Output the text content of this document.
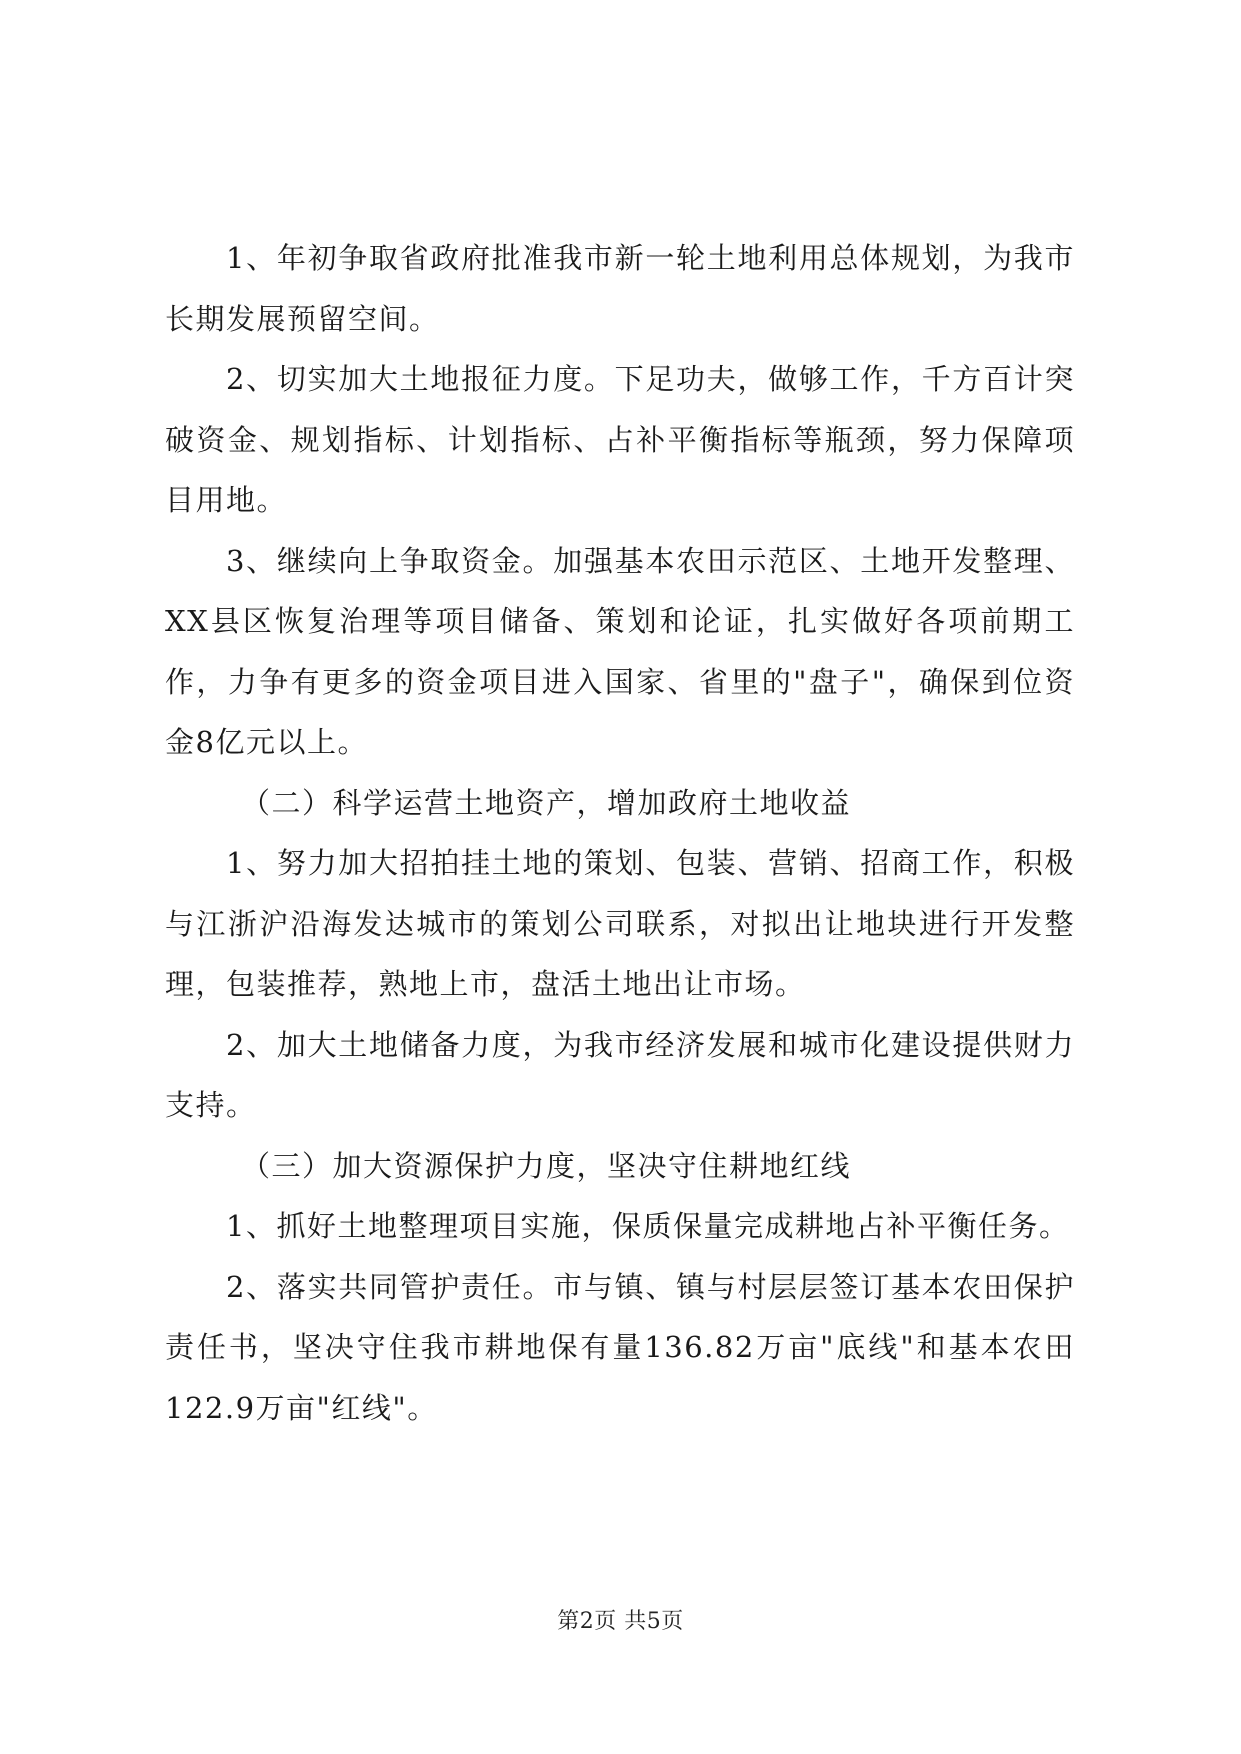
1、年初争取省政府批准我市新一轮土地利用总体规划，为我市长期发展预留空间。

2、切实加大土地报征力度。下足功夫，做够工作，千方百计突破资金、规划指标、计划指标、占补平衡指标等瓶颈，努力保障项目用地。

3、继续向上争取资金。加强基本农田示范区、土地开发整理、XX县区恢复治理等项目储备、策划和论证，扎实做好各项前期工作，力争有更多的资金项目进入国家、省里的"盘子"，确保到位资金8亿元以上。

（二）科学运营土地资产，增加政府土地收益

1、努力加大招拍挂土地的策划、包装、营销、招商工作，积极与江浙沪沿海发达城市的策划公司联系，对拟出让地块进行开发整理，包装推荐，熟地上市，盘活土地出让市场。

2、加大土地储备力度，为我市经济发展和城市化建设提供财力支持。

（三）加大资源保护力度，坚决守住耕地红线

1、抓好土地整理项目实施，保质保量完成耕地占补平衡任务。

2、落实共同管护责任。市与镇、镇与村层层签订基本农田保护责任书，坚决守住我市耕地保有量136.82万亩"底线"和基本农田122.9万亩"红线"。

第2页 共5页
